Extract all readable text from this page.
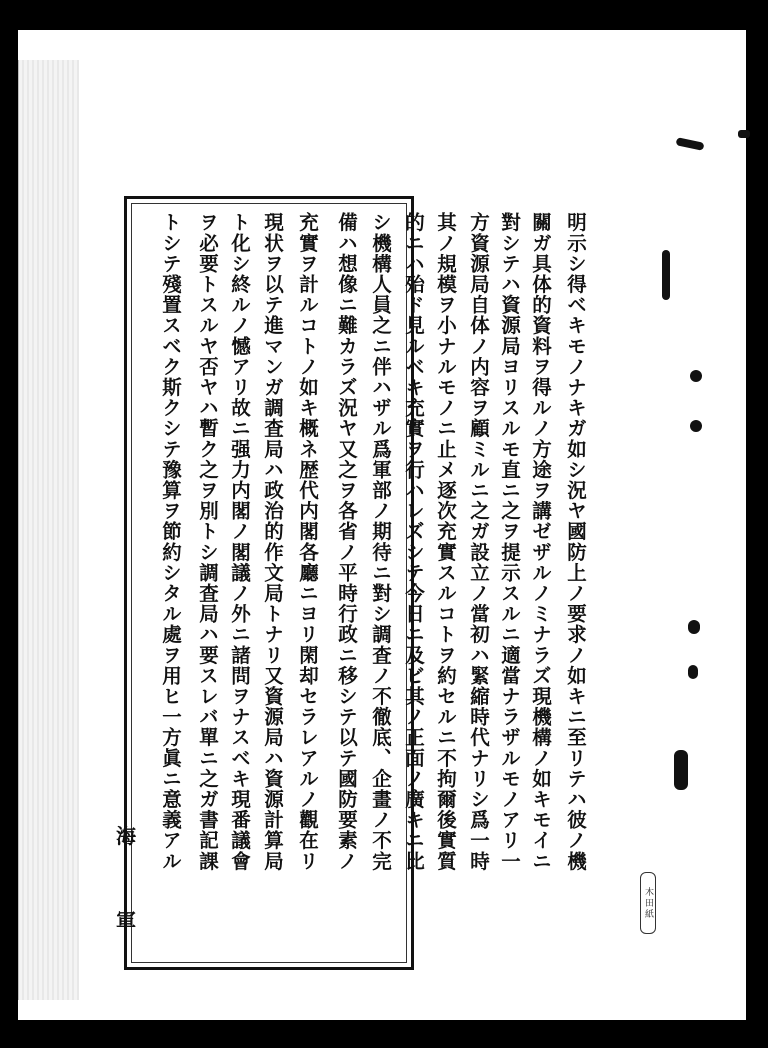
明示シ得ベキモノナキガ如シ況ヤ國防上ノ要求ノ如キニ至リテハ彼ノ機
關ガ具体的資料ヲ得ルノ方途ヲ講ゼザルノミナラズ現機構ノ如キモイニ
對シテハ資源局ヨリスルモ直ニ之ヲ提示スルニ適當ナラザルモノアリ一
方資源局自体ノ内容ヲ顧ミルニ之ガ設立ノ當初ハ緊縮時代ナリシ爲一時
其ノ規模ヲ小ナルモノニ止メ逐次充實スルコトヲ約セルニ不拘爾後實質
的ニハ殆ド見ルベキ充實ヲ行ハレズシテ今日ニ及ビ其ノ正面ノ廣キニ比
シ機構人員之ニ伴ハザル爲軍部ノ期待ニ對シ調査ノ不徹底、企畫ノ不完
備ハ想像ニ難カラズ況ヤ又之ヲ各省ノ平時行政ニ移シテ以テ國防要素ノ
充實ヲ計ルコトノ如キ概ネ歴代内閣各廳ニヨリ閑却セラレアルノ觀在リ
現状ヲ以テ進マンガ調査局ハ政治的作文局トナリ又資源局ハ資源計算局
ト化シ終ルノ憾アリ故ニ强力内閣ノ閣議ノ外ニ諸問ヲナスベキ現番議會
ヲ必要トスルヤ否ヤハ暫ク之ヲ別トシ調査局ハ要スレバ單ニ之ガ書記課
トシテ殘置スベク斯クシテ豫算ヲ節約シタル處ヲ用ヒ一方眞ニ意義アル
海
軍
木田紙
